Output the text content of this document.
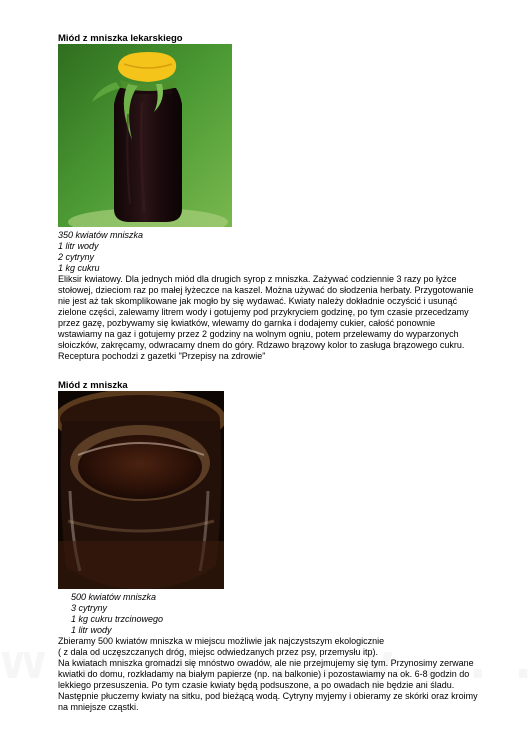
Miód z mniszka lekarskiego
350 kwiatów mniszka
1 litr wody
2 cytryny
1 kg cukru
Eliksir kwiatowy. Dla jednych miód dla drugich syrop z mniszka. Zażywać codziennie 3 razy po łyżce
stołowej, dzieciom raz po małej łyżeczce na kaszel. Można używać do słodzenia herbaty. Przygotowanie
nie jest aż tak skomplikowane jak mogło by się wydawać. Kwiaty należy dokładnie oczyścić i usunąć
zielone części, zalewamy litrem wody i gotujemy pod przykryciem godzinę, po tym czasie przecedzamy
przez gazę, pozbywamy się kwiatków, wlewamy do garnka i dodajemy cukier, całość ponownie
wstawiamy na gaz i gotujemy przez 2 godziny na wolnym ogniu, potem przelewamy do wyparzonych
słoiczków, zakręcamy, odwracamy dnem do góry. Rdzawo brązowy kolor to zasługa brązowego cukru.
Receptura pochodzi z gazetki "Przepisy na zdrowie"
Miód z mniszka
500 kwiatów mniszka
3 cytryny
1 kg cukru trzcinowego
1 litr wody
Zbieramy 500 kwiatów mniszka w miejscu możliwie jak najczystszym ekologicznie
( z dala od uczęszczanych dróg, miejsc odwiedzanych przez psy, przemysłu itp).
Na kwiatach mniszka gromadzi się mnóstwo owadów, ale nie przejmujemy się tym. Przynosimy zerwane
kwiatki do domu, rozkładamy na białym papierze (np. na balkonie) i pozostawiamy na ok. 6-8 godzin do
lekkiego przesuszenia. Po tym czasie kwiaty będą podsuszone, a po owadach nie będzie ani śladu.
Następnie płuczemy kwiaty na sitku, pod bieżącą wodą. Cytryny myjemy i obieramy ze skórki oraz kroimy
na mniejsze cząstki.
